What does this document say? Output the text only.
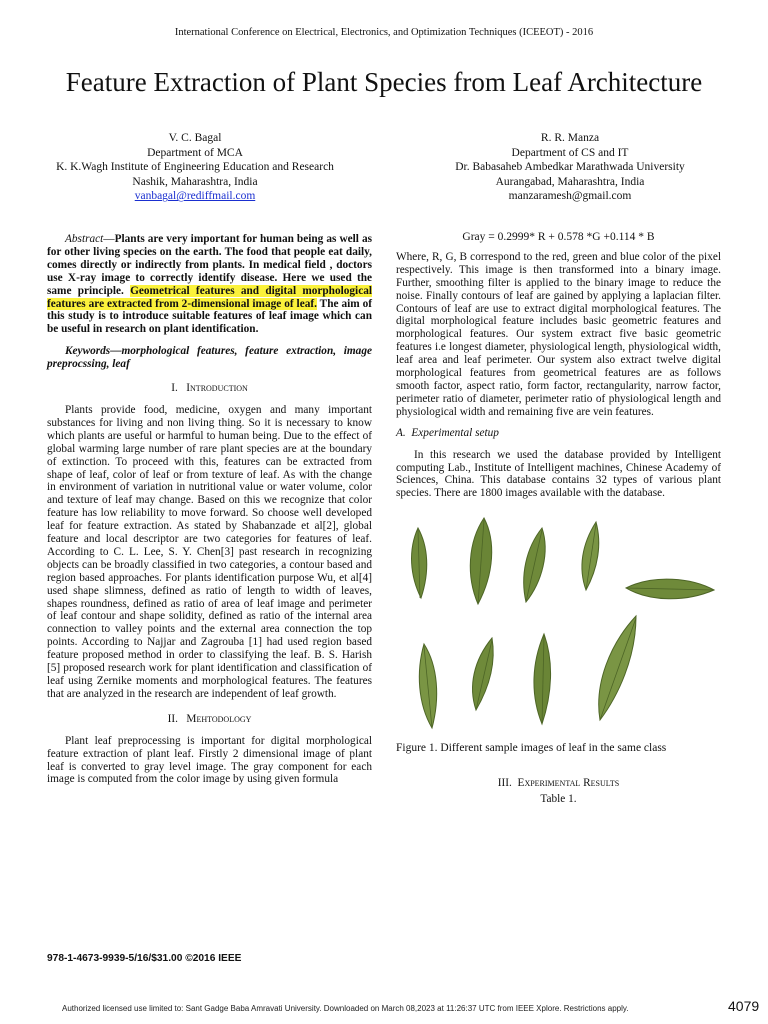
International Conference on Electrical, Electronics, and Optimization Techniques (ICEEOT) - 2016
Feature Extraction of Plant Species from Leaf Architecture
V. C. Bagal
Department of MCA
K. K.Wagh Institute of Engineering Education and Research
Nashik, Maharashtra, India
vanbagal@rediffmail.com
R. R. Manza
Department of CS and IT
Dr. Babasaheb Ambedkar Marathwada University
Aurangabad, Maharashtra, India
manzaramesh@gmail.com

Abstract—Plants are very important for human being as well as for other living species on the earth. The food that people eat daily, comes directly or indirectly from plants. In medical field , doctors use X-ray image to correctly identify disease. Here we used the same principle. Geometrical features and digital morphological features are extracted from 2-dimensional image of leaf. The aim of this study is to introduce suitable features of leaf image which can be useful in research on plant identification.

Keywords—morphological features, feature extraction, image preprocssing, leaf

I. Introduction

Plants provide food, medicine, oxygen and many important substances for living and non living thing. So it is necessary to know which plants are useful or harmful to human being. Due to the effect of global warming large number of rare plant species are at the boundary of extinction. To proceed with this, features can be extracted from shape of leaf, color of leaf or from texture of leaf. As with the change in environment of variation in nutritional value or water volume, color and texture of leaf may change. Based on this we recognize that color feature has low reliability to move forward. So choose well developed leaf for feature extraction. As stated by Shabanzade et al[2], global feature and local descriptor are two categories for features of leaf. According to C. L. Lee, S. Y. Chen[3] past research in recognizing objects can be broadly classified in two categories, a contour based and region based approaches. For plants identification purpose Wu, et al[4] used shape slimness, defined as ratio of length to width of leaves, shapes roundness, defined as ratio of area of leaf image and perimeter of leaf contour and shape solidity, defined as ratio of the internal area connection to valley points and the external area connection the top points. According to Najjar and Zagrouba [1] had used region based feature proposed method in order to classifying the leaf. B. S. Harish [5] proposed research work for plant identification and classification of leaf using Zernike moments and morphological features. The features that are analyzed in the research are independent of leaf growth.

II. Mehtodology

Plant leaf preprocessing is important for digital morphological feature extraction of plant leaf. Firstly 2 dimensional image of plant leaf is converted to gray level image. The gray component for each image is computed from the color image by using given formula

Gray = 0.2999* R + 0.578 *G +0.114 * B

Where, R, G, B correspond to the red, green and blue color of the pixel respectively. This image is then transformed into a binary image. Further, smoothing filter is applied to the binary image to reduce the noise. Finally contours of leaf are gained by applying a laplacian filter. Contours of leaf are use to extract digital morphological features. The digital morphological feature includes basic geometric features and morphological features. Our system extract five basic geometric features i.e longest diameter, physiological length, physiological width, leaf area and leaf perimeter. Our system also extract twelve digital morphological features from geometrical features are as follows smooth factor, aspect ratio, form factor, rectangularity, narrow factor, perimeter ratio of diameter, perimeter ratio of physiological length and physiological width and remaining five are vein features.

A. Experimental setup

In this research we used the database provided by Intelligent computing Lab., Institute of Intelligent machines, Chinese Academy of Sciences, China. This database contains 32 types of various plant species. There are 1800 images available with the database.

Figure 1. Different sample images of leaf in the same class
III. Experimental Results
Table 1.
978-1-4673-9939-5/16/$31.00 ©2016 IEEE
Authorized licensed use limited to: Sant Gadge Baba Amravati University. Downloaded on March 08,2023 at 11:26:37 UTC from IEEE Xplore. Restrictions apply.	4079
